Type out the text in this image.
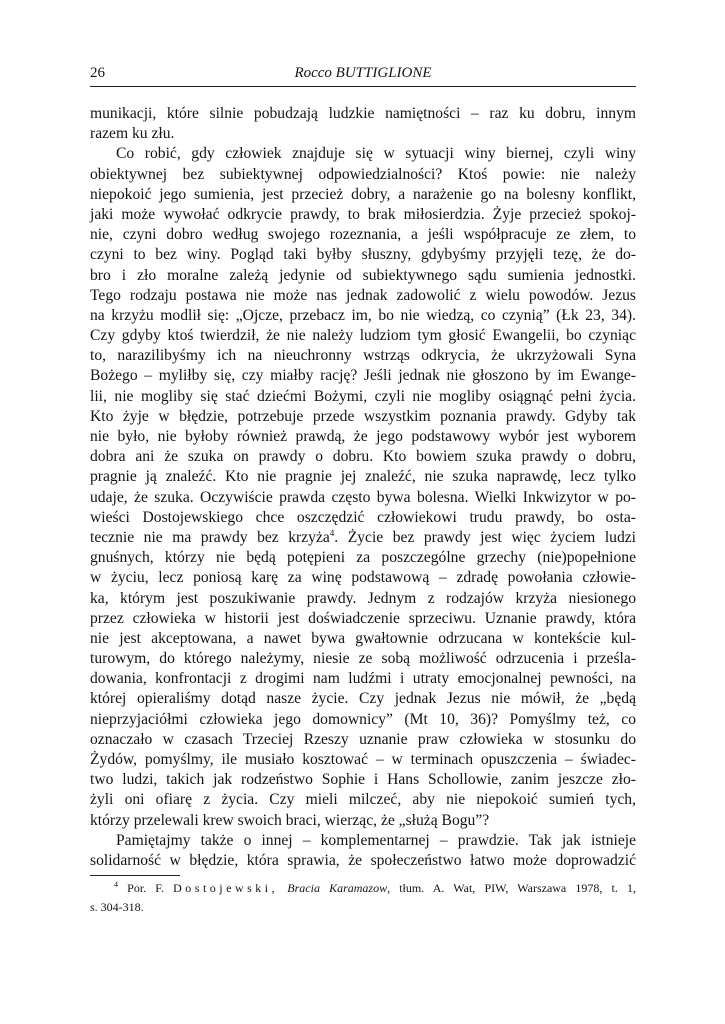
26	Rocco BUTTIGLIONE
munikacji, które silnie pobudzają ludzkie namiętności – raz ku dobru, innym
razem ku złu.
Co robić, gdy człowiek znajduje się w sytuacji winy biernej, czyli winy
obiektywnej bez subiektywnej odpowiedzialności? Ktoś powie: nie należy
niepokoić jego sumienia, jest przecież dobry, a narażenie go na bolesny konflikt,
jaki może wywołać odkrycie prawdy, to brak miłosierdzia. Żyje przecież spokoj-
nie, czyni dobro według swojego rozeznania, a jeśli współpracuje ze złem, to
czyni to bez winy. Pogląd taki byłby słuszny, gdybyśmy przyjęli tezę, że do-
bro i zło moralne zależą jedynie od subiektywnego sądu sumienia jednostki.
Tego rodzaju postawa nie może nas jednak zadowolić z wielu powodów. Jezus
na krzyżu modlił się: „Ojcze, przebacz im, bo nie wiedzą, co czynią” (Łk 23, 34).
Czy gdyby ktoś twierdził, że nie należy ludziom tym głosić Ewangelii, bo czyniąc
to, narazilibyśmy ich na nieuchronny wstrząs odkrycia, że ukrzyżowali Syna
Bożego – myliłby się, czy miałby rację? Jeśli jednak nie głoszono by im Ewange-
lii, nie mogliby się stać dziećmi Bożymi, czyli nie mogliby osiągnąć pełni życia.
Kto żyje w błędzie, potrzebuje przede wszystkim poznania prawdy. Gdyby tak
nie było, nie byłoby również prawdą, że jego podstawowy wybór jest wyborem
dobra ani że szuka on prawdy o dobru. Kto bowiem szuka prawdy o dobru,
pragnie ją znaleźć. Kto nie pragnie jej znaleźć, nie szuka naprawdę, lecz tylko
udaje, że szuka. Oczywiście prawda często bywa bolesna. Wielki Inkwizytor w po-
wieści Dostojewskiego chce oszczędzić człowiekowi trudu prawdy, bo osta-
tecznie nie ma prawdy bez krzyża$^4$. Życie bez prawdy jest więc życiem ludzi
gnuśnych, którzy nie będą potępieni za poszczególne grzechy (nie)popełnione
w życiu, lecz poniosą karę za winę podstawową – zdradę powołania człowie-
ka, którym jest poszukiwanie prawdy. Jednym z rodzajów krzyża niesionego
przez człowieka w historii jest doświadczenie sprzeciwu. Uznanie prawdy, która
nie jest akceptowana, a nawet bywa gwałtownie odrzucana w kontekście kul-
turowym, do którego należymy, niesie ze sobą możliwość odrzucenia i prześla-
dowania, konfrontacji z drogimi nam ludźmi i utraty emocjonalnej pewności, na
której opieraliśmy dotąd nasze życie. Czy jednak Jezus nie mówił, że „będą
nieprzyjaciółmi człowieka jego domownicy” (Mt 10, 36)? Pomyślmy też, co
oznaczało w czasach Trzeciej Rzeszy uznanie praw człowieka w stosunku do
Żydów, pomyślmy, ile musiało kosztować – w terminach opuszczenia – świadec-
two ludzi, takich jak rodzeństwo Sophie i Hans Schollowie, zanim jeszcze zło-
żyli oni ofiarę z życia. Czy mieli milczeć, aby nie niepokoić sumień tych,
którzy przelewali krew swoich braci, wierząc, że „służą Bogu”?
Pamiętajmy także o innej – komplementarnej – prawdzie. Tak jak istnieje
solidarność w błędzie, która sprawia, że społeczeństwo łatwo może doprowadzić
$^4$ Por. F. Dostojewski, Bracia Karamazow, tłum. A. Wat, PIW, Warszawa 1978, t. 1,
s. 304-318.
